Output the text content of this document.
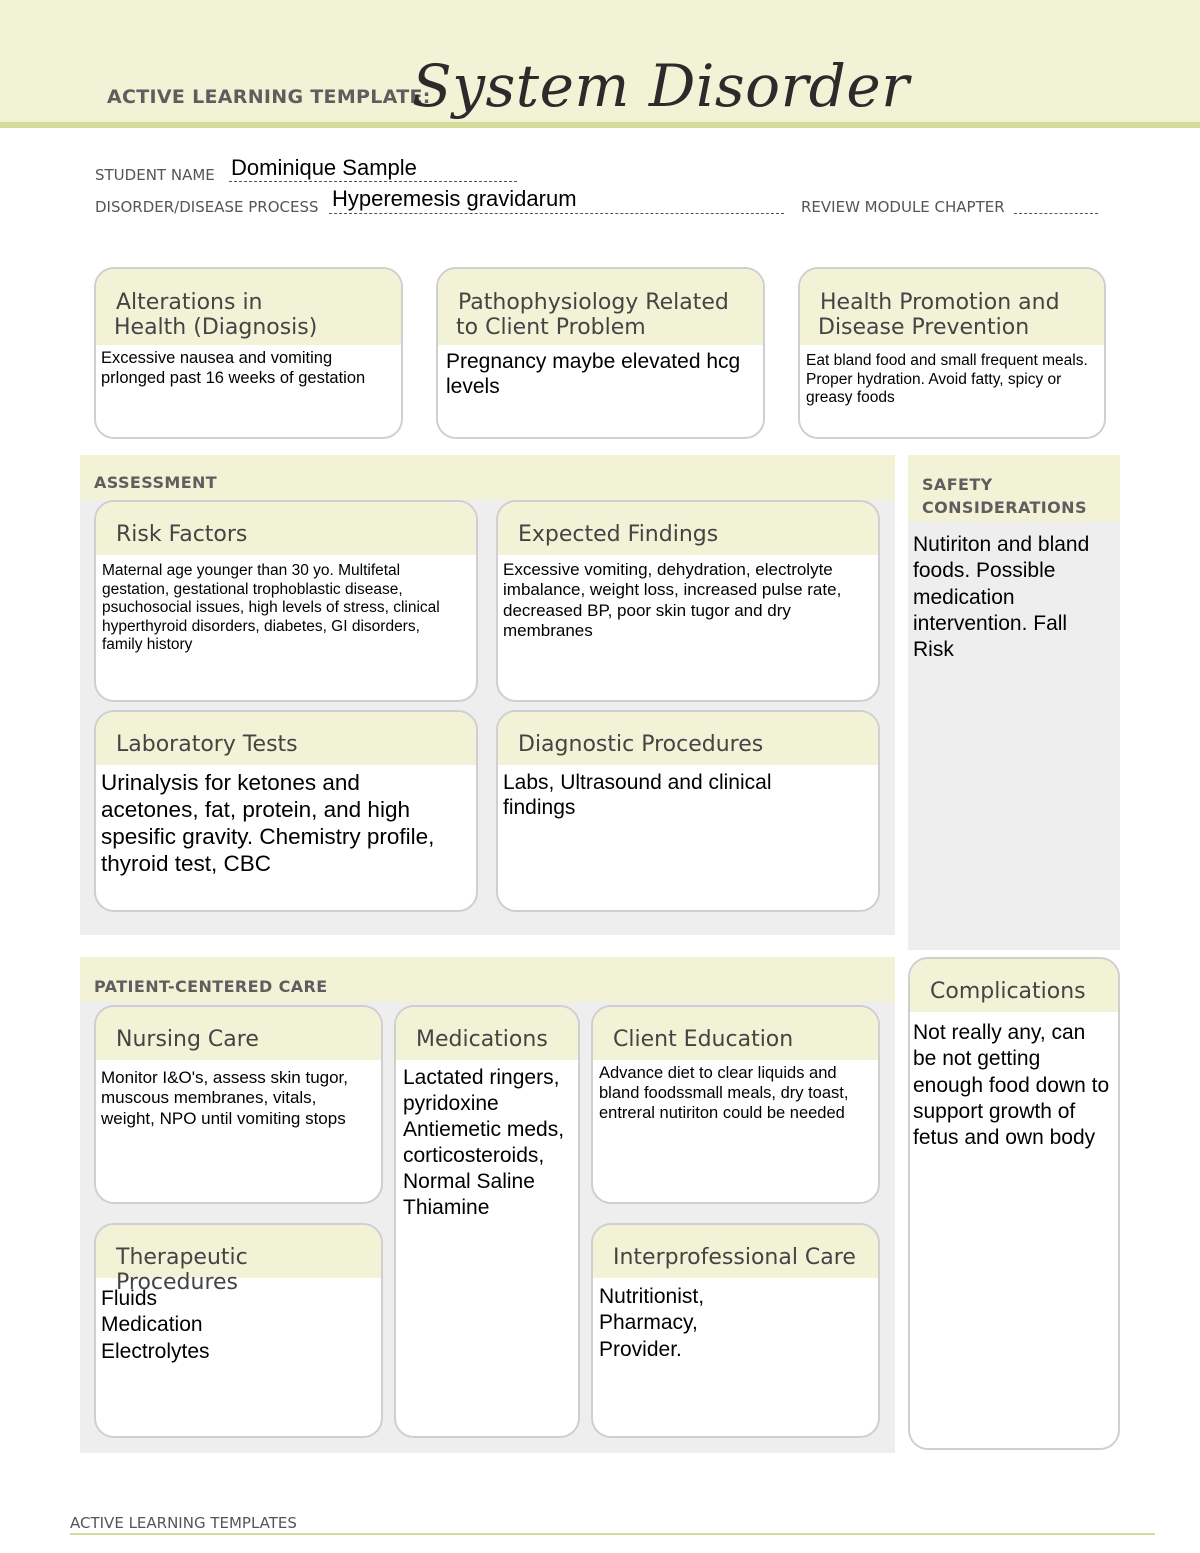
ACTIVE LEARNING TEMPLATE:
System Disorder
STUDENT NAME Dominique Sample
DISORDER/DISEASE PROCESS Hyperemesis gravidarum	REVIEW MODULE CHAPTER
Alterations in
Health (Diagnosis)
Excessive nausea and vomiting prlonged past 16 weeks of gestation
Pathophysiology Related
to Client Problem
Pregnancy maybe elevated hcg levels
Health Promotion and
Disease Prevention
Eat bland food and small frequent meals. Proper hydration. Avoid fatty, spicy or greasy foods
ASSESSMENT
Risk Factors
Maternal age younger than 30 yo. Multifetal gestation, gestational trophoblastic disease, psuchosocial issues, high levels of stress, clinical hyperthyroid disorders, diabetes, GI disorders, family history
Expected Findings
Excessive vomiting, dehydration, electrolyte imbalance, weight loss, increased pulse rate, decreased BP, poor skin tugor and dry membranes
Laboratory Tests
Urinalysis for ketones and acetones, fat, protein, and high spesific gravity. Chemistry profile, thyroid test, CBC
Diagnostic Procedures
Labs, Ultrasound and clinical findings
SAFETY
CONSIDERATIONS
Nutiriton and bland foods. Possible medication intervention. Fall Risk
PATIENT-CENTERED CARE
Nursing Care
Monitor I&O's, assess skin tugor, muscous membranes, vitals, weight, NPO until vomiting stops
Medications
Lactated ringers, pyridoxine Antiemetic meds, corticosteroids, Normal Saline Thiamine
Client Education
Advance diet to clear liquids and bland foodssmall meals, dry toast, entreral nutiriton could be needed
Therapeutic Procedures
Fluids
Medication
Electrolytes
Interprofessional Care
Nutritionist,
Pharmacy,
Provider.
Complications
Not really any, can be not getting enough food down to support growth of fetus and own body
ACTIVE LEARNING TEMPLATES
